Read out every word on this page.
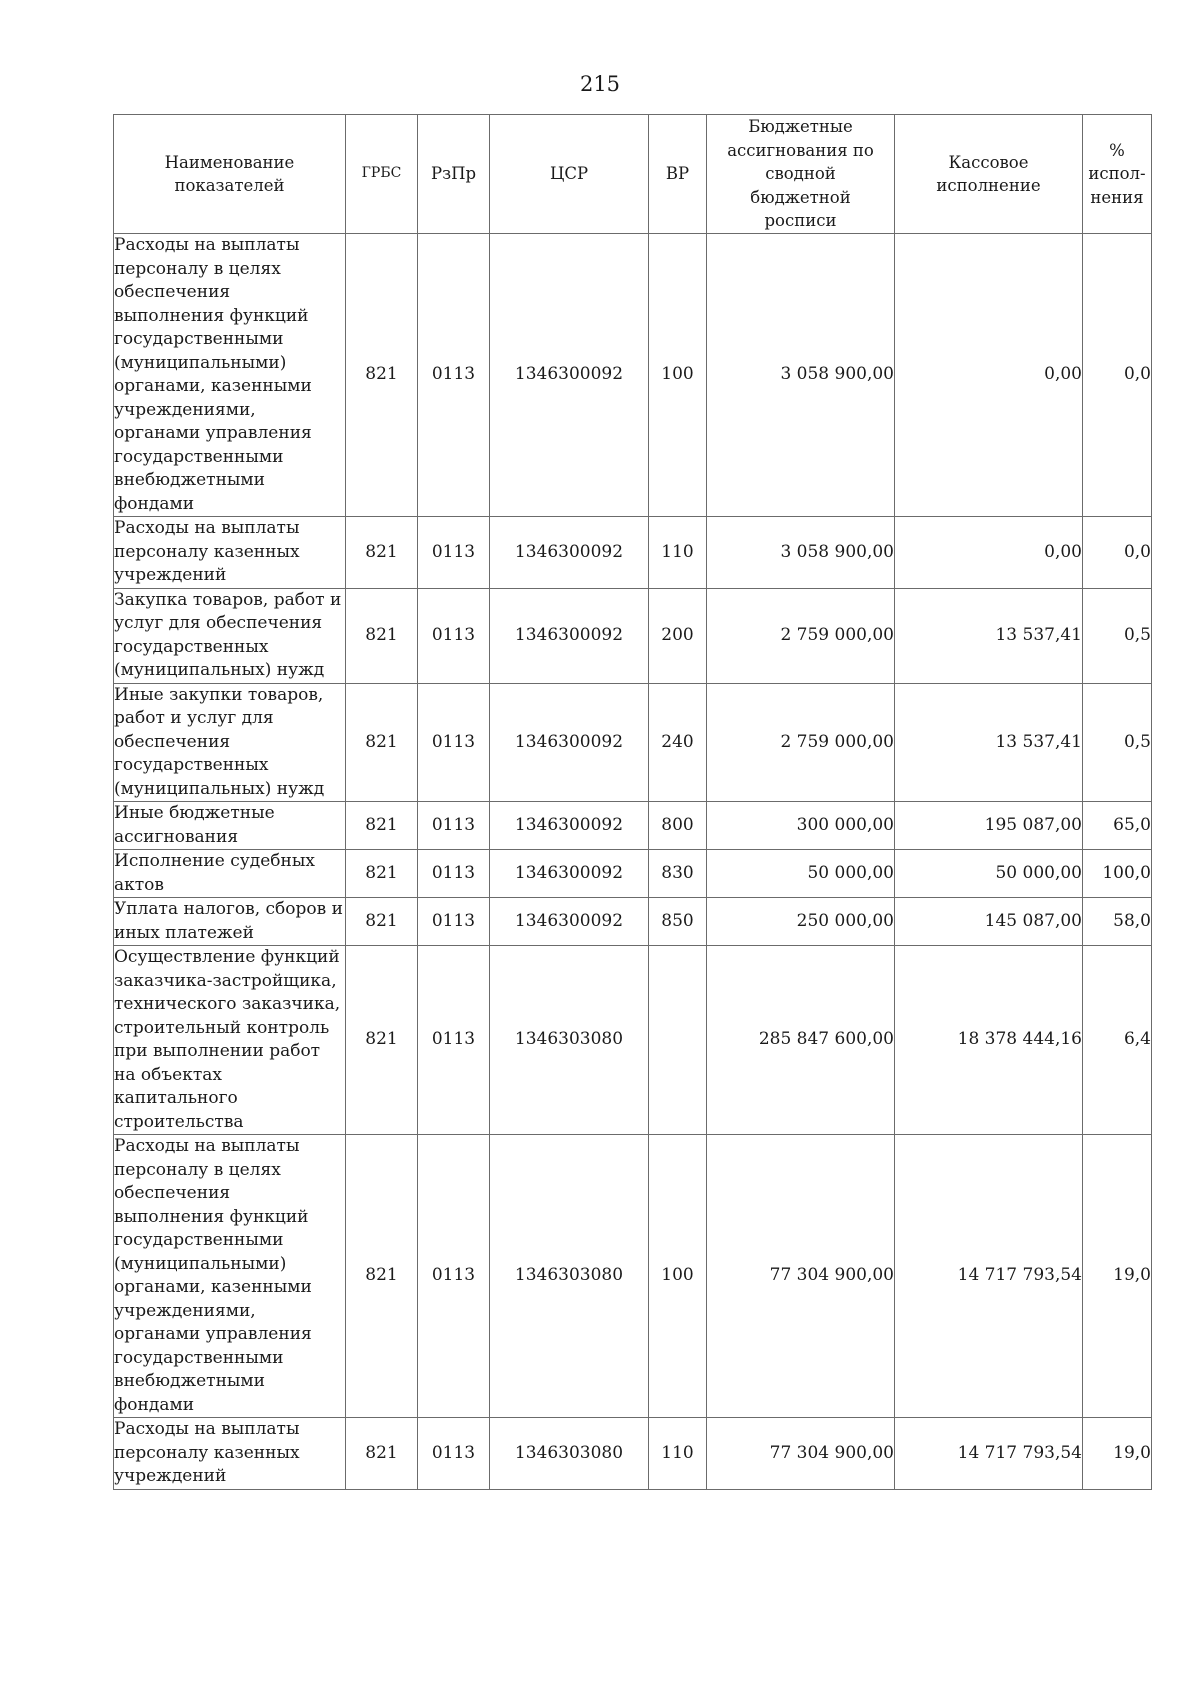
215
Наименование показателей	ГРБС	РзПр	ЦСР	ВР	Бюджетные ассигнования по сводной бюджетной росписи	Кассовое исполнение	% испол-нения
Расходы на выплаты персоналу в целях обеспечения выполнения функций государственными (муниципальными) органами, казенными учреждениями, органами управления государственными внебюджетными фондами	821	0113	1346300092	100	3 058 900,00	0,00	0,0
Расходы на выплаты персоналу казенных учреждений	821	0113	1346300092	110	3 058 900,00	0,00	0,0
Закупка товаров, работ и услуг для обеспечения государственных (муниципальных) нужд	821	0113	1346300092	200	2 759 000,00	13 537,41	0,5
Иные закупки товаров, работ и услуг для обеспечения государственных (муниципальных) нужд	821	0113	1346300092	240	2 759 000,00	13 537,41	0,5
Иные бюджетные ассигнования	821	0113	1346300092	800	300 000,00	195 087,00	65,0
Исполнение судебных актов	821	0113	1346300092	830	50 000,00	50 000,00	100,0
Уплата налогов, сборов и иных платежей	821	0113	1346300092	850	250 000,00	145 087,00	58,0
Осуществление функций заказчика-застройщика, технического заказчика, строительный контроль при выполнении работ на объектах капитального строительства	821	0113	1346303080		285 847 600,00	18 378 444,16	6,4
Расходы на выплаты персоналу в целях обеспечения выполнения функций государственными (муниципальными) органами, казенными учреждениями, органами управления государственными внебюджетными фондами	821	0113	1346303080	100	77 304 900,00	14 717 793,54	19,0
Расходы на выплаты персоналу казенных учреждений	821	0113	1346303080	110	77 304 900,00	14 717 793,54	19,0
